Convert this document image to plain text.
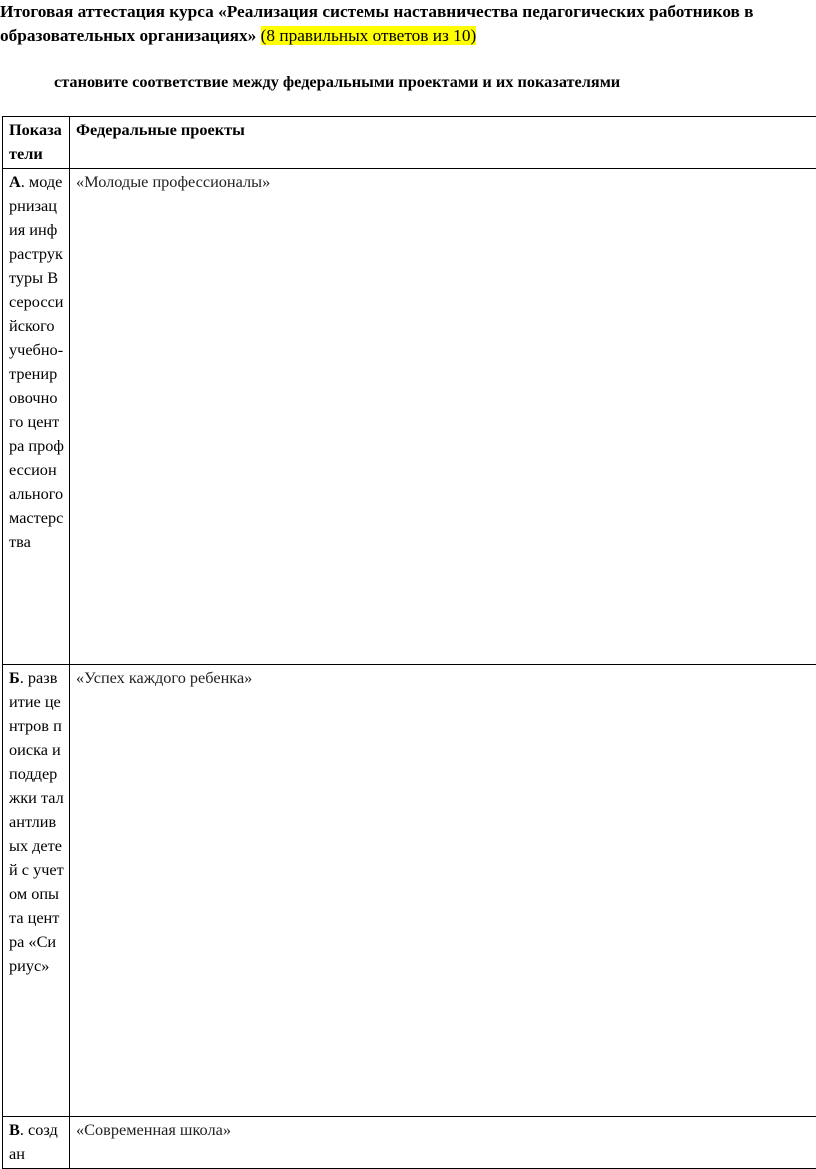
Итоговая аттестация курса «Реализация системы наставничества педагогических работников в образовательных организациях» (8 правильных ответов из 10)

становите соответствие между федеральными проектами и их показателями

Показатели	Федеральные проекты
А. модернизация инфраструктуры Всероссийского учебно-тренировочного центра профессионального мастерства	«Молодые профессионалы»
Б. развитие центров поиска и поддержки талантливых детей с учетом опыта центра «Сириус»	«Успех каждого ребенка»
В. создан	«Современная школа»
